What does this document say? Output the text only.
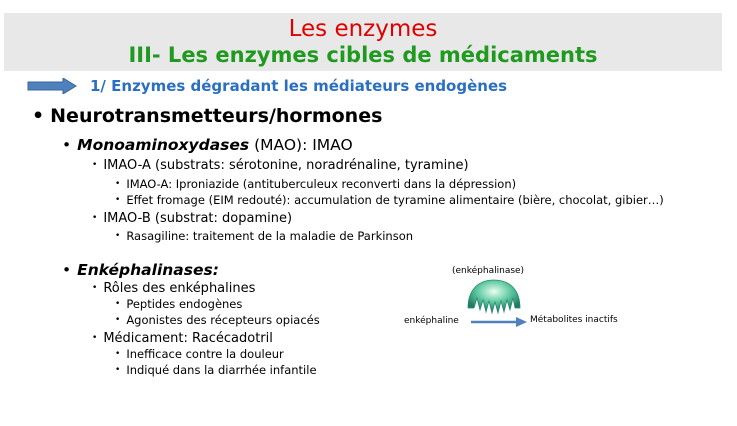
Les enzymes
III- Les enzymes cibles de médicaments
1/ Enzymes dégradant les médiateurs endogènes
• Neurotransmetteurs/hormones
• Monoaminoxydases (MAO): IMAO
• IMAO-A (substrats: sérotonine, noradrénaline, tyramine)
• IMAO-A: Iproniazide (antituberculeux reconverti dans la dépression)
• Effet fromage (EIM redouté): accumulation de tyramine alimentaire (bière, chocolat, gibier…)
• IMAO-B (substrat: dopamine)
• Rasagiline: traitement de la maladie de Parkinson
• Enképhalinases:
• Rôles des enképhalines
• Peptides endogènes
• Agonistes des récepteurs opiacés
• Médicament: Racécadotril
• Inefficace contre la douleur
• Indiqué dans la diarrhée infantile
(enképhalinase)
enképhaline → Métabolites inactifs
